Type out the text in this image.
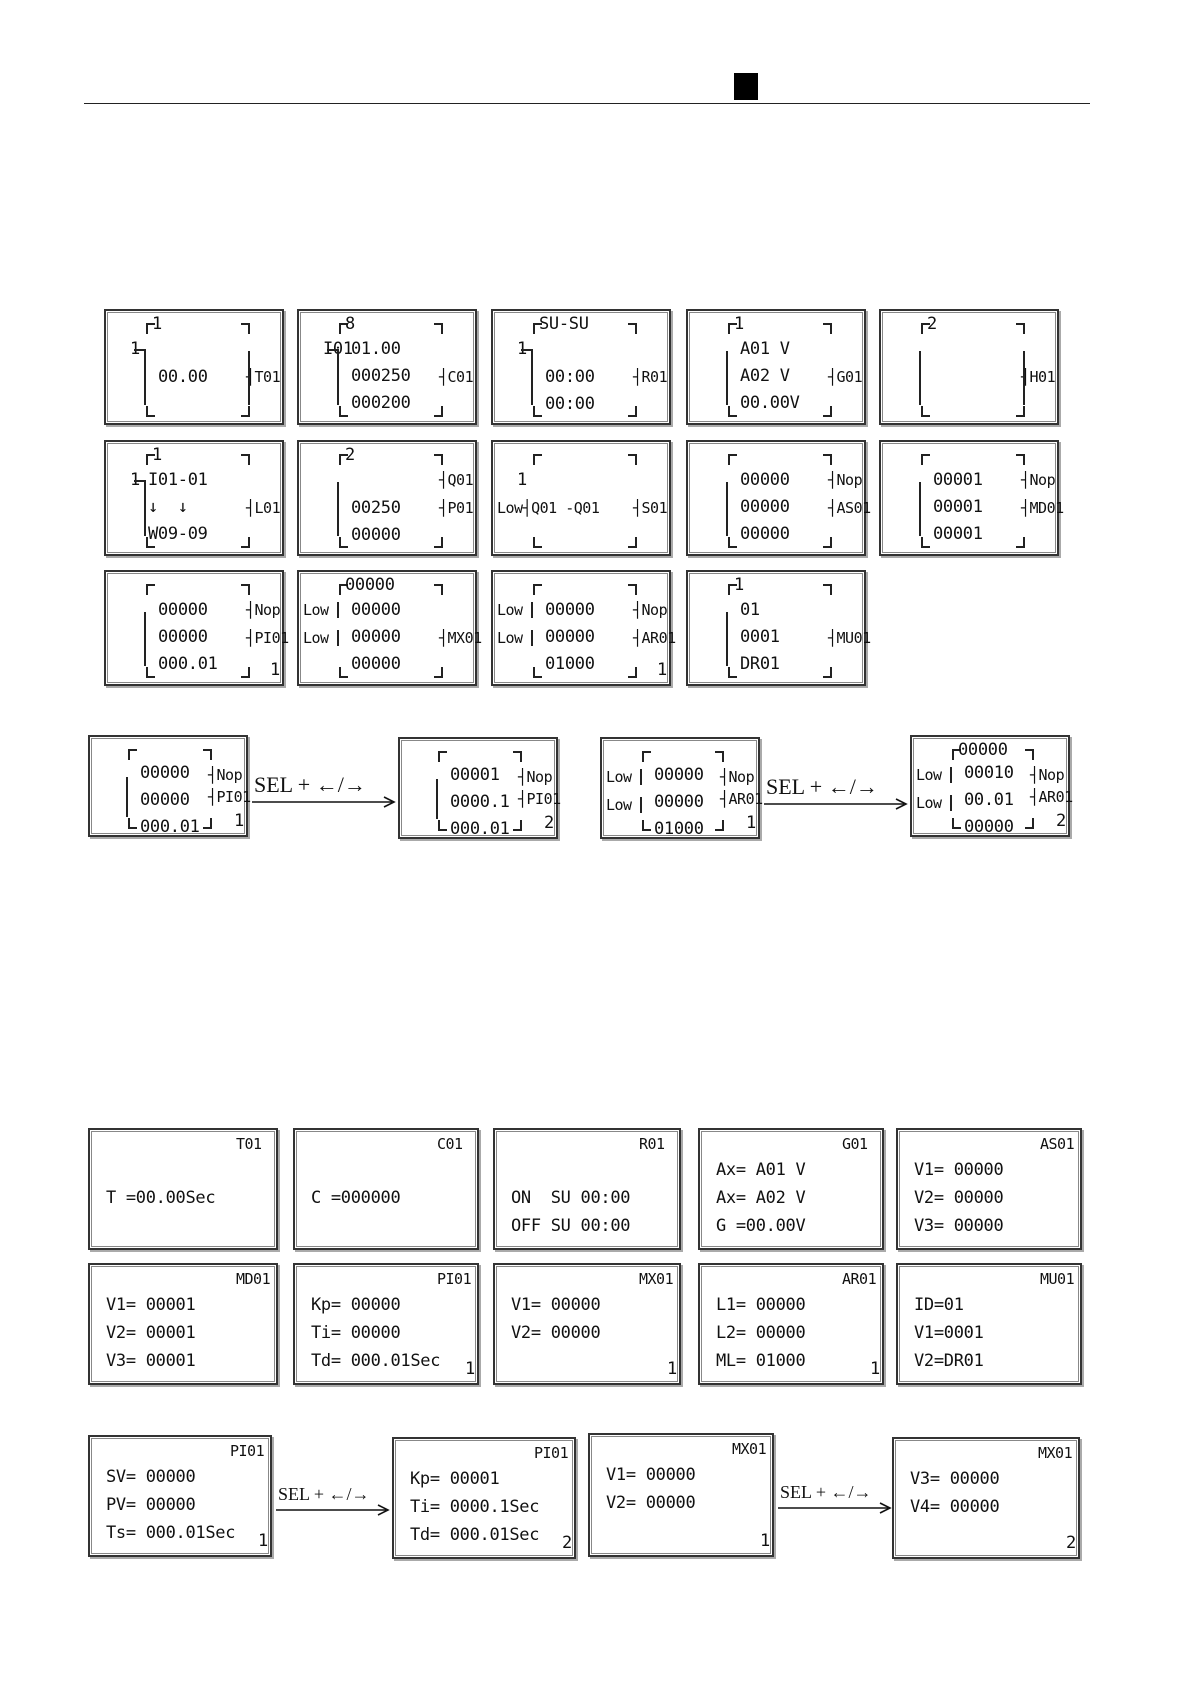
1
1
00.00	┤T01
8
I01
01.00
000250
000200
┤C01
SU-SU
1
00:00
00:00
┤R01
1
A01 V
A02 V
00.00V
┤G01
2
┤H01
1
1 I01-01
↓  ↓
W09-09
┤L01
2
00250
00000
┤Q01
┤P01
1
Low┤Q01 -Q01 ┤S01
00000
00000
00000
┤Nop
┤AS01
00001
00001
00001
┤Nop
┤MD01
00000
00000
000.01
┤Nop
┤PI01
1
00000
Low
Low
00000
00000
00000
┤MX01
Low
Low
00000
00000
01000
┤Nop
┤AR01
1
1
01
0001
DR01
┤MU01
00000
00000
000.01
┤Nop
┤PI01
1
SEL + ←/→	00001
0000.1
000.01
┤Nop
┤PI01
2
Low
Low
00000
00000
01000
┤Nop
┤AR01
1
SEL + ←/→
00000
Low
Low
00010
00.01
00000
┤Nop
┤AR01
2
T01
T =00.00Sec
C01
C =000000
R01
ON  SU 00:00
OFF SU 00:00
G01
Ax= A01 V
Ax= A02 V
G =00.00V
AS01
V1= 00000
V2= 00000
V3= 00000
MD01
V1= 00001
V2= 00001
V3= 00001
PI01
Kp= 00000
Ti= 00000
Td= 000.01Sec 1
MX01
V1= 00000
V2= 00000
1
AR01
L1= 00000
L2= 00000
ML= 01000	1
MU01
ID=01
V1=0001
V2=DR01
PI01
SV= 00000
PV= 00000
Ts= 000.01Sec 1
SEL + ←/→
PI01
Kp= 00001
Ti= 0000.1Sec
Td= 000.01Sec 2
MX01
V1= 00000
V2= 00000
1
SEL + ←/→
MX01
V3= 00000
V4= 00000
2
